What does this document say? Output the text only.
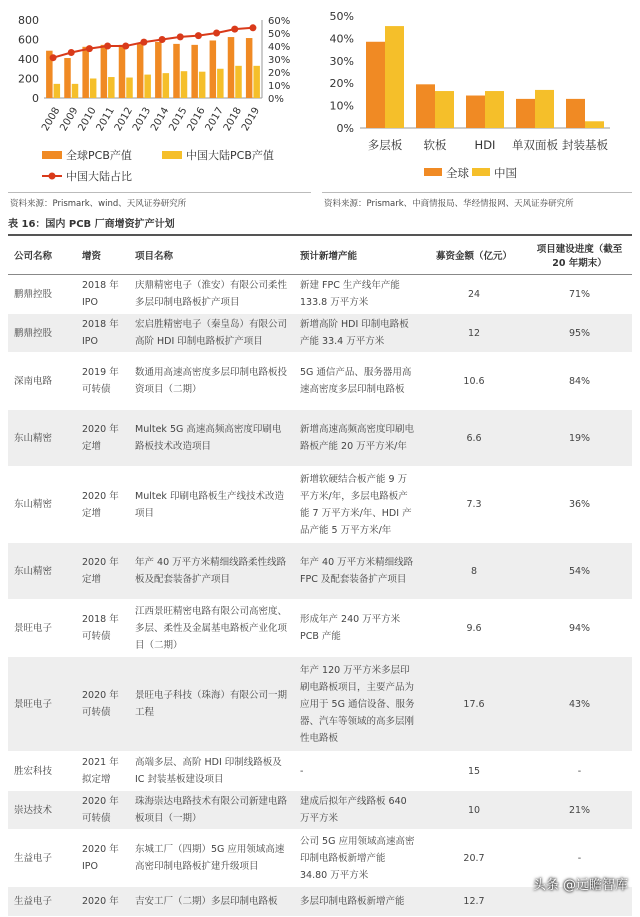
0
200
400
600
800
0%
10%
20%
30%
40%
50%
60%
2008
2009
2010
2011
2012
2013
2014
2015
2016
2017
2018
2019
全球PCB产值	中国大陆PCB产值
中国大陆占比
0%
10%
20%
30%
40%
50%
多层板 软板 HDI 单双面板 封装基板
全球 中国
资料来源：Prismark、wind、天风证券研究所	资料来源：Prismark、中商情报局、华经情报网、天风证券研究所
表 16：国内 PCB 厂商增资扩产计划
公司名称	增资	项目名称	预计新增产能	募资金额（亿元）	项目建设进度（截至 20 年期末）
鹏鼎控股	2018 年 IPO	庆鼎精密电子（淮安）有限公司柔性 多层印制电路板扩产项目	新建 FPC 生产线年产能 133.8 万平方米	24	71%
鹏鼎控股	2018 年 IPO	宏启胜精密电子（秦皇岛）有限公司高阶 HDI 印制电路板扩产项目	新增高阶 HDI 印制电路板产能 33.4 万平方米	12	95%
深南电路	2019 年 可转债	数通用高速高密度多层印制电路板投资项目（二期）	5G 通信产品、服务器用高速高密度多层印制电路板	10.6	84%
东山精密	2020 年 定增	Multek 5G 高速高频高密度印刷电路板技术改造项目	新增高速高频高密度印刷电路板产能 20 万平方米/年	6.6	19%
东山精密	2020 年 定增	Multek 印刷电路板生产线技术改造项目	新增软硬结合板产能 9 万平方米/年，多层电路板产能 7 万平方米/年、HDI 产品产能 5 万平方米/年	7.3	36%
东山精密	2020 年 定增	年产 40 万平方米精细线路柔性线路板及配套装备扩产项目	年产 40 万平方米精细线路 FPC 及配套装备扩产项目	8	54%
景旺电子	2018 年 可转债	江西景旺精密电路有限公司高密度、多层、柔性及金属基电路板产业化项目（二期）	形成年产 240 万平方米 PCB 产能	9.6	94%
景旺电子	2020 年 可转债	景旺电子科技（珠海）有限公司一期工程	年产 120 万平方米多层印刷电路板项目，主要产品为应用于 5G 通信设备、服务器、汽车等领域的高多层刚性电路板	17.6	43%
胜宏科技	2021 年 拟定增	高端多层、高阶 HDI 印制线路板及 IC 封装基板建设项目	-	15	-
崇达技术	2020 年 可转债	珠海崇达电路技术有限公司新建电路板项目（一期）	建成后拟年产线路板 640 万平方米	10	21%
生益电子	2020 年 IPO	东城工厂（四期）5G 应用领域高速高密印制电路板扩建升级项目	公司 5G 应用领域高速高密印制电路板新增产能 34.80 万平方米	20.7	-
生益电子	2020 年	吉安工厂（二期）多层印制电路板	多层印制电路板新增产能	12.7	
头条 @远瞻智库
